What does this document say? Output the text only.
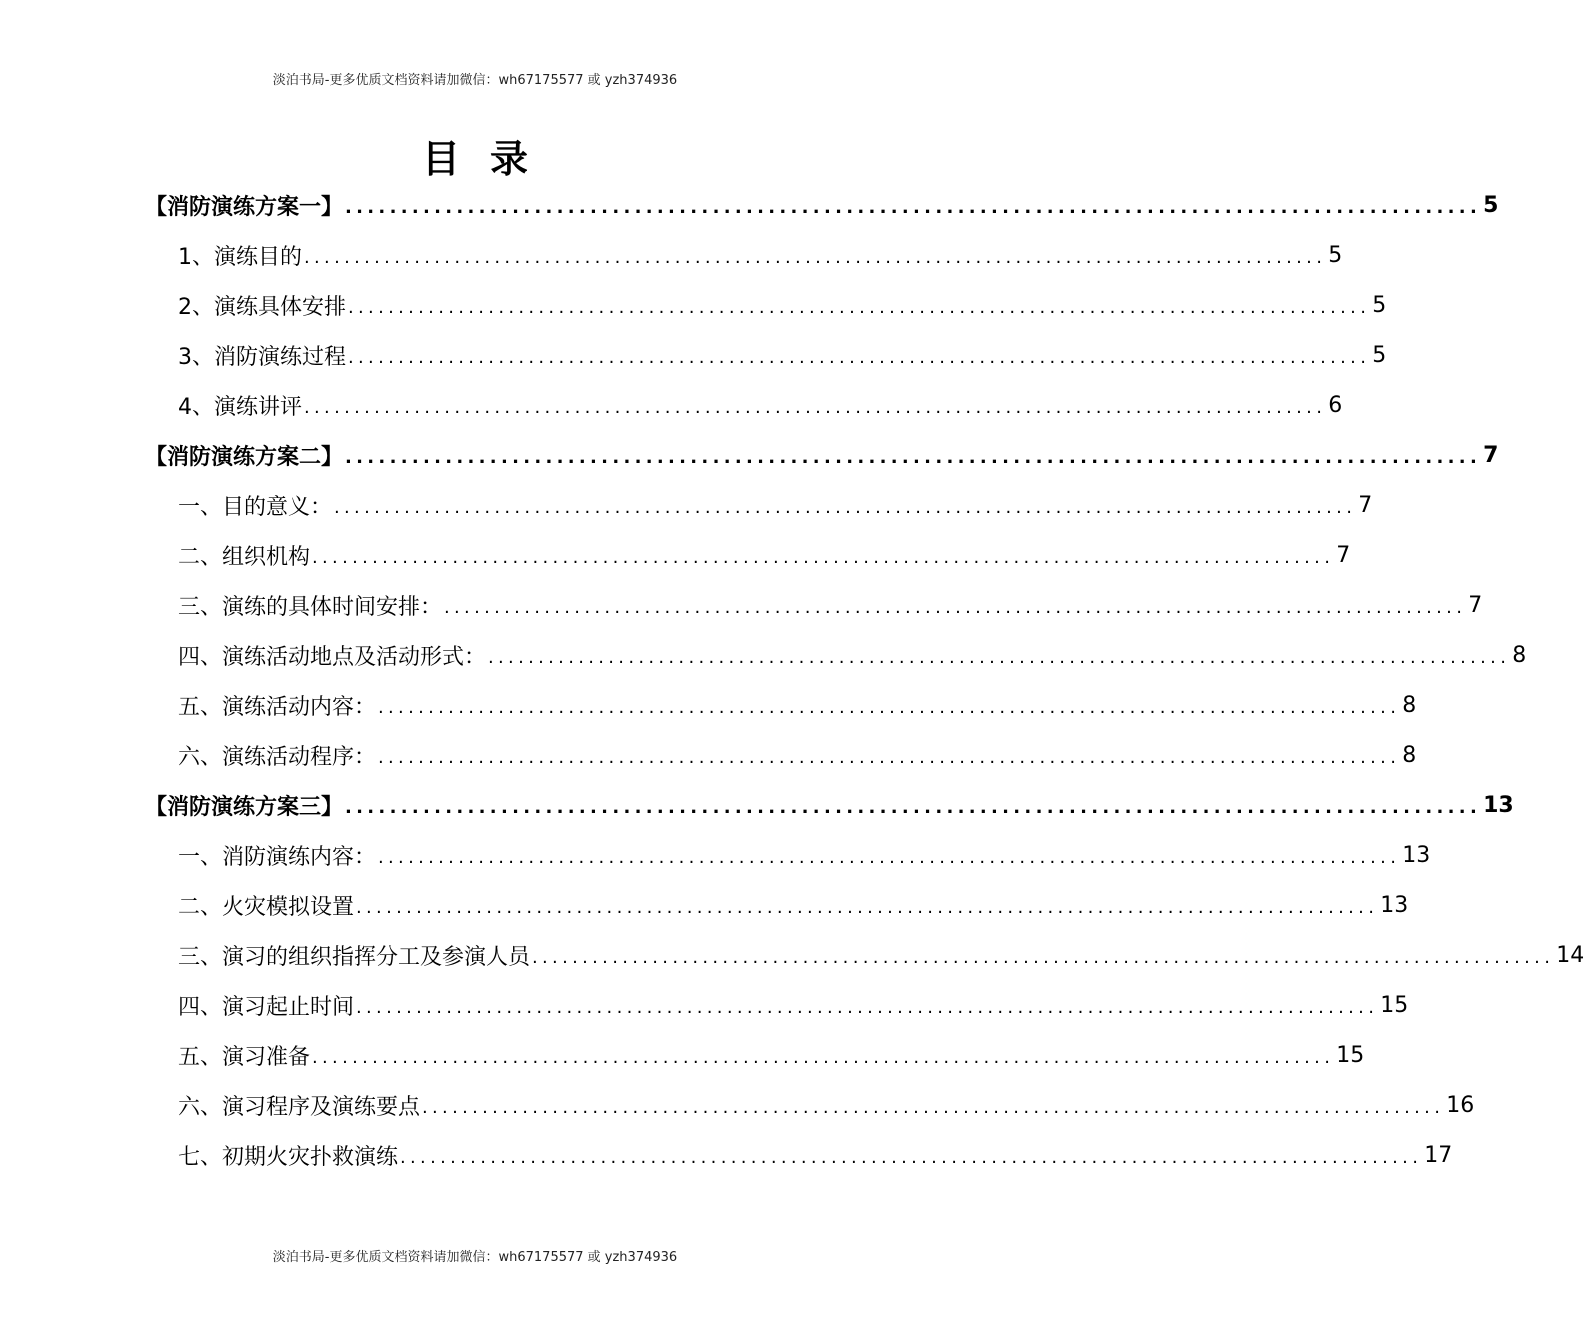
淡泊书局-更多优质文档资料请加微信：wh67175577 或 yzh374936
目录
【消防演练方案一】 ...................................................................................................... 5
1、演练目的 ...................................................................................................... 5
2、演练具体安排 ...................................................................................................... 5
3、消防演练过程 ...................................................................................................... 5
4、演练讲评 ...................................................................................................... 6
【消防演练方案二】 ...................................................................................................... 7
一、目的意义： ...................................................................................................... 7
二、组织机构 ...................................................................................................... 7
三、演练的具体时间安排： ...................................................................................................... 7
四、演练活动地点及活动形式： ...................................................................................................... 8
五、演练活动内容： ...................................................................................................... 8
六、演练活动程序： ...................................................................................................... 8
【消防演练方案三】 ...................................................................................................... 13
一、消防演练内容： ...................................................................................................... 13
二、火灾模拟设置 ...................................................................................................... 13
三、演习的组织指挥分工及参演人员 ...................................................................................................... 14
四、演习起止时间 ...................................................................................................... 15
五、演习准备 ...................................................................................................... 15
六、演习程序及演练要点 ...................................................................................................... 16
七、初期火灾扑救演练 ...................................................................................................... 17
淡泊书局-更多优质文档资料请加微信：wh67175577 或 yzh374936
